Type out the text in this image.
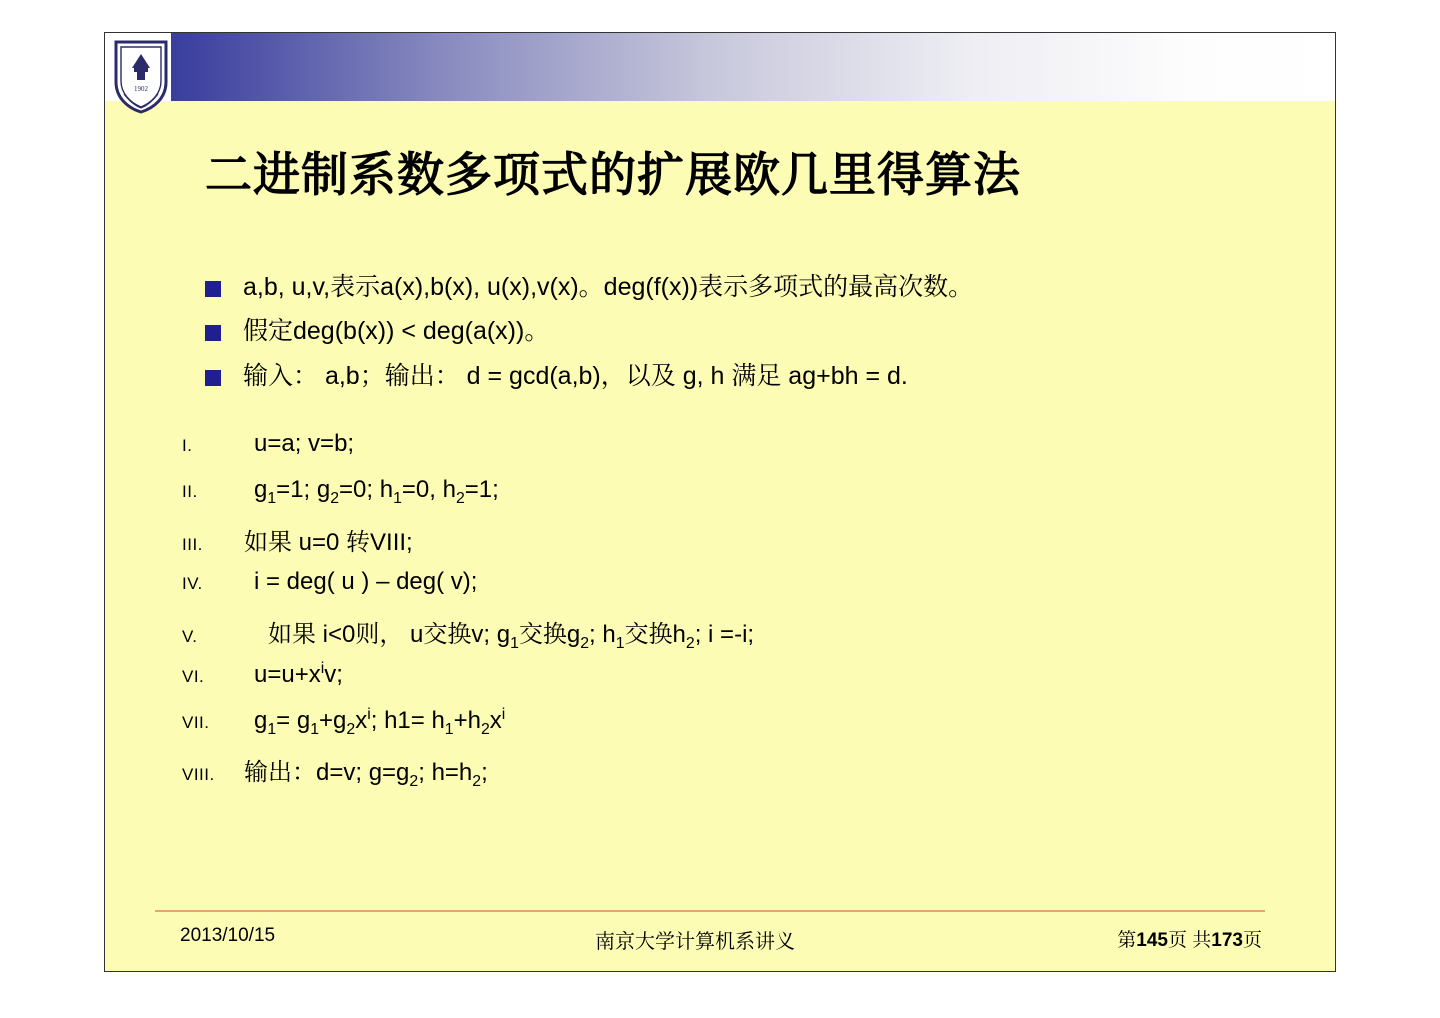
1902
二进制系数多项式的扩展欧几里得算法
a,b, u,v,表示a(x),b(x), u(x),v(x)。deg(f(x))表示多项式的最高次数。
假定deg(b(x)) < deg(a(x))。
输入： a,b；输出： d = gcd(a,b)，以及 g, h 满足 ag+bh = d.
I.	u=a; v=b;
II.	$g_1=1$; $g_2=0$; $h_1=0$, $h_2=1$;
III.	如果 u=0 转VIII;
IV.	i = deg( u ) – deg( v);
V.	如果 i<0则， u交换v; $g_1$交换$g_2$; $h_1$交换$h_2$; i =-i;
VI.	$u=u+x^iv$;
VII.	$g_1= g_1+g_2x^i$; $h1= h_1+h_2x^i$
VIII.	输出：d=v; $g=g_2$; $h=h_2$;
2013/10/15	南京大学计算机系讲义	第145页 共173页
